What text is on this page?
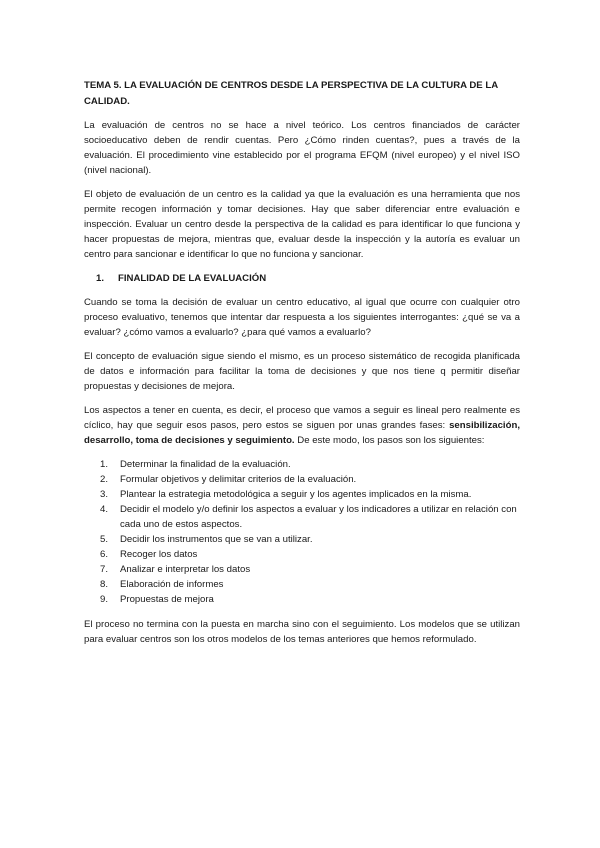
TEMA 5. LA EVALUACIÓN DE CENTROS DESDE LA PERSPECTIVA DE LA CULTURA DE LA CALIDAD.

La evaluación de centros no se hace a nivel teórico. Los centros financiados de carácter socioeducativo deben de rendir cuentas. Pero ¿Cómo rinden cuentas?, pues a través de la evaluación. El procedimiento vine establecido por el programa EFQM (nivel europeo) y el nivel ISO (nivel nacional).

El objeto de evaluación de un centro es la calidad ya que la evaluación es una herramienta que nos permite recogen información y tomar decisiones. Hay que saber diferenciar entre evaluación e inspección. Evaluar un centro desde la perspectiva de la calidad es para identificar lo que funciona y hacer propuestas de mejora, mientras que, evaluar desde la inspección y la autoría es evaluar un centro para sancionar e identificar lo que no funciona y sancionar.

1.	FINALIDAD DE LA EVALUACIÓN

Cuando se toma la decisión de evaluar un centro educativo, al igual que ocurre con cualquier otro proceso evaluativo, tenemos que intentar dar respuesta a los siguientes interrogantes: ¿qué se va a evaluar? ¿cómo vamos a evaluarlo? ¿para qué vamos a evaluarlo?

El concepto de evaluación sigue siendo el mismo, es un proceso sistemático de recogida planificada de datos e información para facilitar la toma de decisiones y que nos tiene q permitir diseñar propuestas y decisiones de mejora.

Los aspectos a tener en cuenta, es decir, el proceso que vamos a seguir es lineal pero realmente es cíclico, hay que seguir esos pasos, pero estos se siguen por unas grandes fases: sensibilización, desarrollo, toma de decisiones y seguimiento. De este modo, los pasos son los siguientes:

1.	Determinar la finalidad de la evaluación.
2.	Formular objetivos y delimitar criterios de la evaluación.
3.	Plantear la estrategia metodológica a seguir y los agentes implicados en la misma.
4.	Decidir el modelo y/o definir los aspectos a evaluar y los indicadores a utilizar en relación con cada uno de estos aspectos.
5.	Decidir los instrumentos que se van a utilizar.
6.	Recoger los datos
7.	Analizar e interpretar los datos
8.	Elaboración de informes
9.	Propuestas de mejora

El proceso no termina con la puesta en marcha sino con el seguimiento. Los modelos que se utilizan para evaluar centros son los otros modelos de los temas anteriores que hemos reformulado.
